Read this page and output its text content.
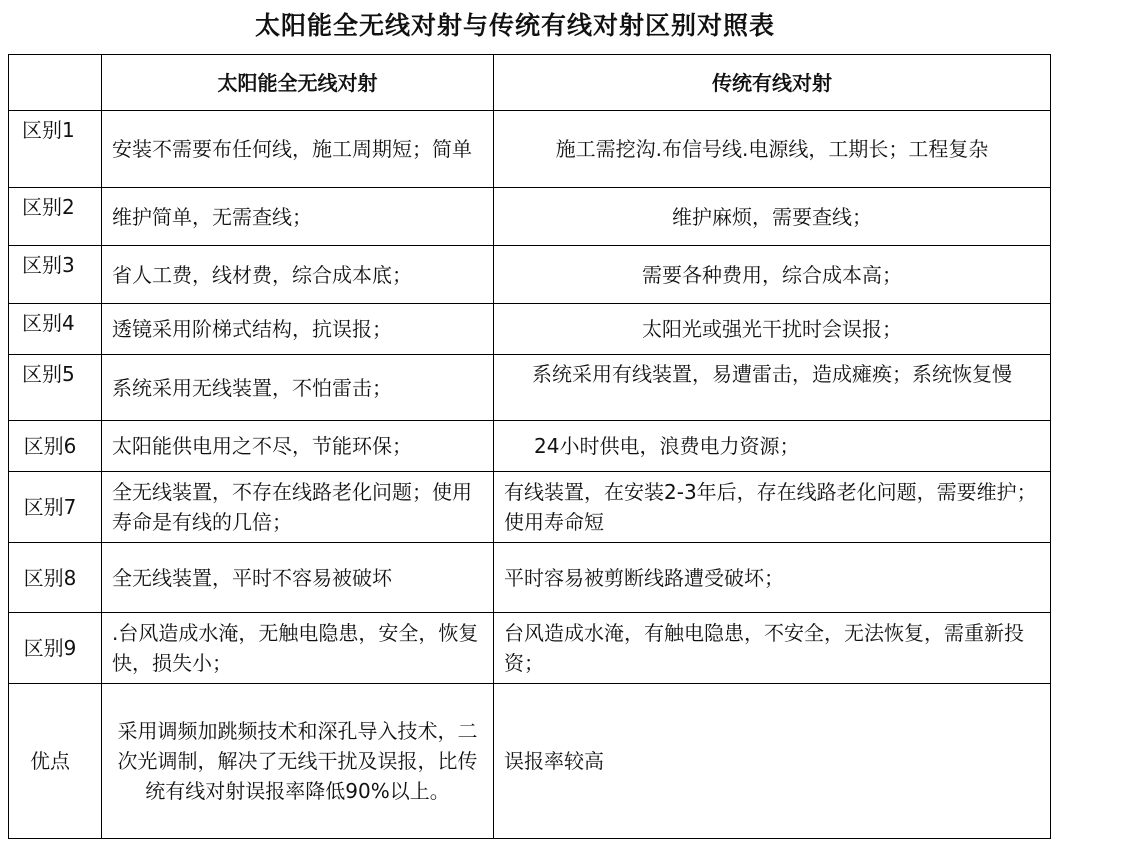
太阳能全无线对射与传统有线对射区别对照表
	太阳能全无线对射	传统有线对射
区别1	安装不需要布任何线，施工周期短；简单	施工需挖沟.布信号线.电源线，工期长；工程复杂
区别2	维护简单，无需查线；	维护麻烦，需要查线；
区别3	省人工费，线材费，综合成本底；	需要各种费用，综合成本高；
区别4	透镜采用阶梯式结构，抗误报；	太阳光或强光干扰时会误报；
区别5	系统采用无线装置，不怕雷击；	系统采用有线装置，易遭雷击，造成瘫痪；系统恢复慢
区别6	太阳能供电用之不尽，节能环保；	24小时供电，浪费电力资源；
区别7	全无线装置，不存在线路老化问题；使用寿命是有线的几倍；	有线装置，在安装2-3年后，存在线路老化问题，需要维护；使用寿命短
区别8	全无线装置，平时不容易被破坏	平时容易被剪断线路遭受破坏；
区别9	.台风造成水淹，无触电隐患，安全，恢复快，损失小；	台风造成水淹，有触电隐患，不安全，无法恢复，需重新投资；
优点	采用调频加跳频技术和深孔导入技术，二次光调制，解决了无线干扰及误报，比传统有线对射误报率降低90%以上。	误报率较高
